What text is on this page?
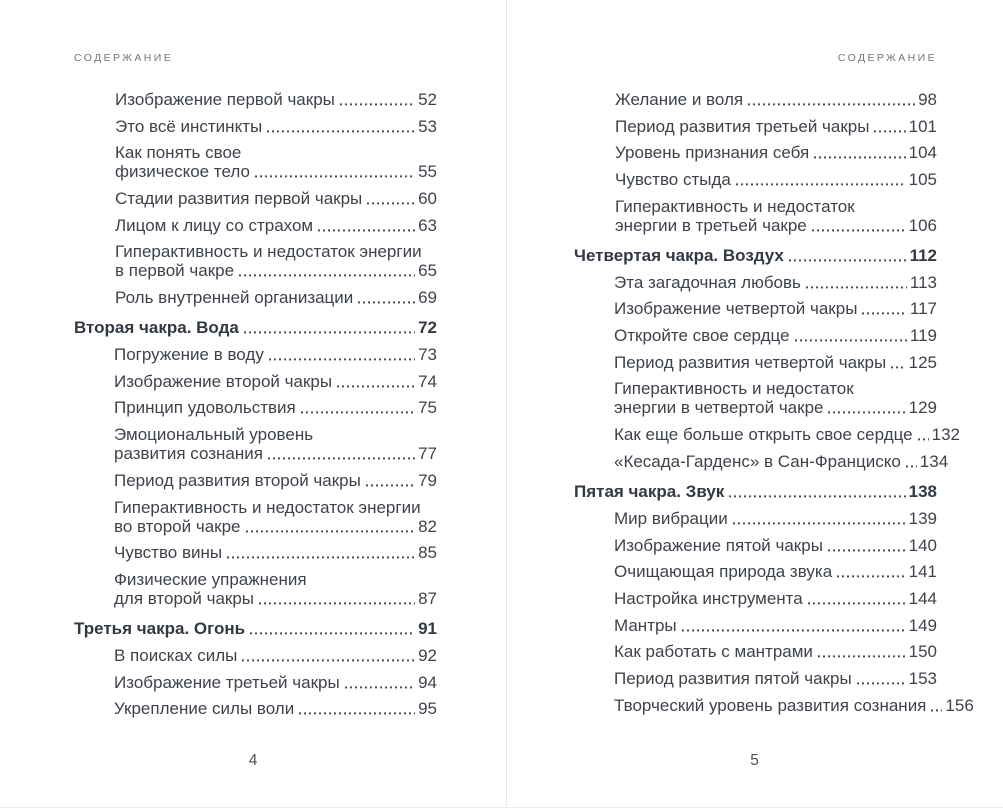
СОДЕРЖАНИЕ
Изображение первой чакры	52
Это всё инстинкты	53
Как понять свое
физическое тело	55
Стадии развития первой чакры	60
Лицом к лицу со страхом	63
Гиперактивность и недостаток энергии
в первой чакре	65
Роль внутренней организации	69
Вторая чакра. Вода	72
Погружение в воду	73
Изображение второй чакры	74
Принцип удовольствия	75
Эмоциональный уровень
развития сознания	77
Период развития второй чакры	79
Гиперактивность и недостаток энергии
во второй чакре	82
Чувство вины	85
Физические упражнения
для второй чакры	87
Третья чакра. Огонь	91
В поисках силы	92
Изображение третьей чакры	94
Укрепление силы воли	95
4
СОДЕРЖАНИЕ
Желание и воля	98
Период развития третьей чакры 101
Уровень признания себя	104
Чувство стыда	105
Гиперактивность и недостаток
энергии в третьей чакре	106
Четвертая чакра. Воздух	112
Эта загадочная любовь	113
Изображение четвертой чакры	117
Откройте свое сердце	119
Период развития четвертой чакры 125
Гиперактивность и недостаток
энергии в четвертой чакре	129
Как еще больше открыть свое сердце 132
«Кесада-Гарденс» в Сан-Франциско 134
Пятая чакра. Звук	138
Мир вибрации	139
Изображение пятой чакры	140
Очищающая природа звука	141
Настройка инструмента	144
Мантры	149
Как работать с мантрами	150
Период развития пятой чакры	153
Творческий уровень развития сознания 156
5
